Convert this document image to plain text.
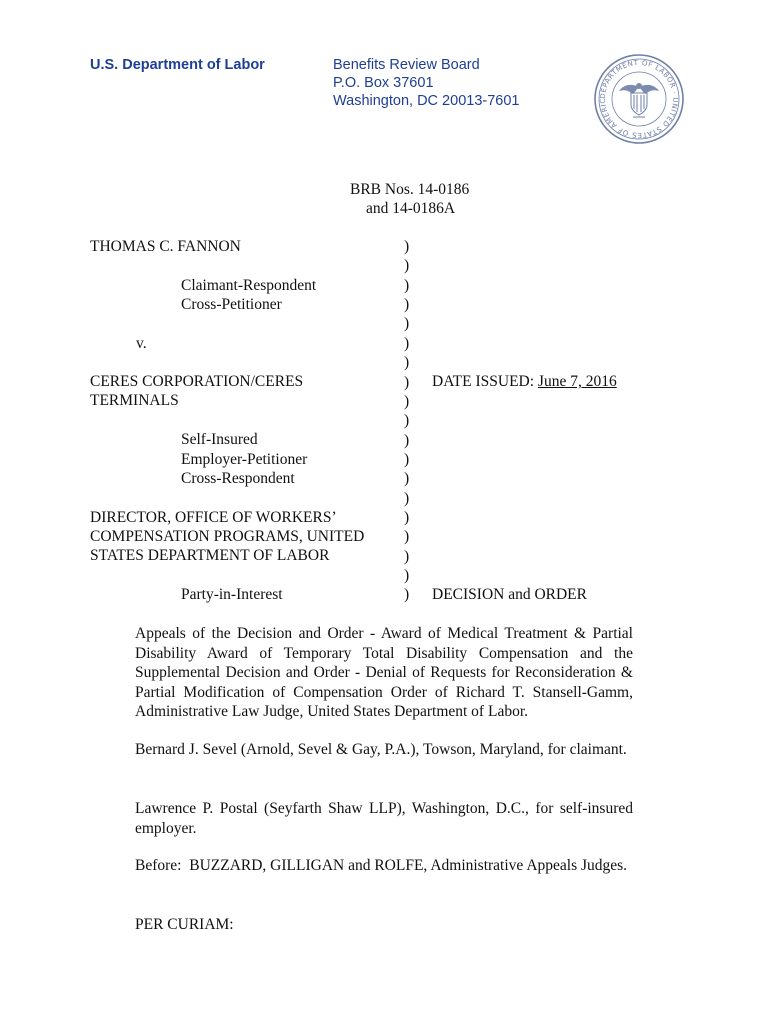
U.S. Department of Labor	Benefits Review Board
P.O. Box 37601
Washington, DC 20013-7601	DEPARTMENT OF LABOR · UNITED STATES OF AMERIC
BRB Nos. 14-0186
and 14-0186A
THOMAS C. FANNON
Claimant-Respondent
Cross-Petitioner
v.
CERES CORPORATION/CERES
TERMINALS
Self-Insured
Employer-Petitioner
Cross-Respondent
DIRECTOR, OFFICE OF WORKERS’
COMPENSATION PROGRAMS, UNITED
STATES DEPARTMENT OF LABOR
Party-in-Interest
)
)
)
)
)
)
)
)
)
)
)
)
)
)
)
)
)
)
)
DATE ISSUED: June 7, 2016
DECISION and ORDER
Appeals of the Decision and Order - Award of Medical Treatment & Partial Disability Award of Temporary Total Disability Compensation and the Supplemental Decision and Order - Denial of Requests for Reconsideration & Partial Modification of Compensation Order of Richard T. Stansell-Gamm, Administrative Law Judge, United States Department of Labor.
Bernard J. Sevel (Arnold, Sevel & Gay, P.A.), Towson, Maryland, for claimant.
Lawrence P. Postal (Seyfarth Shaw LLP), Washington, D.C., for self-insured employer.
Before:  BUZZARD, GILLIGAN and ROLFE, Administrative Appeals Judges.
PER CURIAM:
